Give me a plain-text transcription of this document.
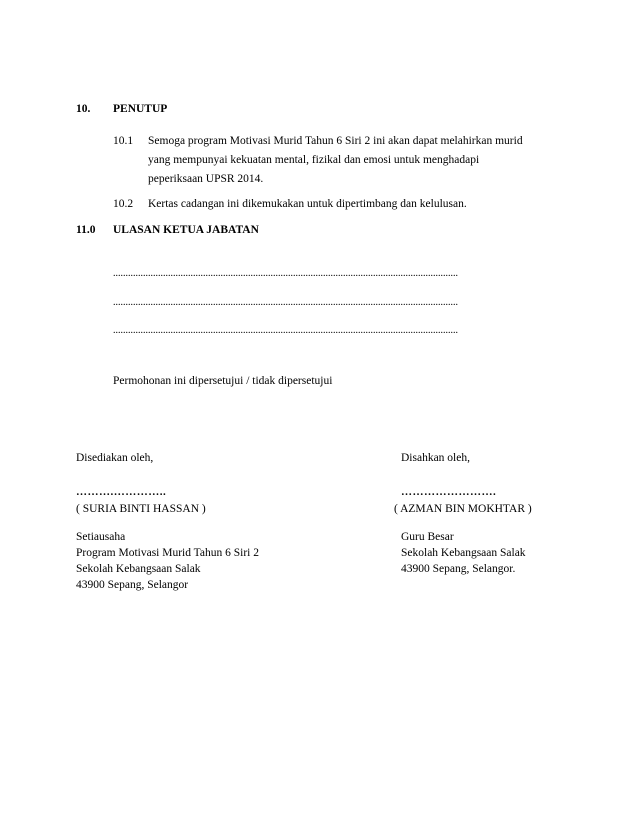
10. PENUTUP
10.1 Semoga program Motivasi Murid Tahun 6 Siri 2 ini akan dapat melahirkan murid
yang mempunyai kekuatan mental, fizikal dan emosi untuk menghadapi
peperiksaan UPSR 2014.
10.2 Kertas cadangan ini dikemukakan untuk dipertimbang dan kelulusan.
11.0 ULASAN KETUA JABATAN
..........................................................................................................................................
..........................................................................................................................................
..........................................................................................................................................
Permohonan ini dipersetujui / tidak dipersetujui
Disediakan oleh,
……….…………..
( SURIA BINTI HASSAN )
Setiausaha
Program Motivasi Murid Tahun 6 Siri 2
Sekolah Kebangsaan Salak
43900 Sepang, Selangor
Disahkan oleh,
…………………….
( AZMAN BIN MOKHTAR )
Guru Besar
Sekolah Kebangsaan Salak
43900 Sepang, Selangor.
